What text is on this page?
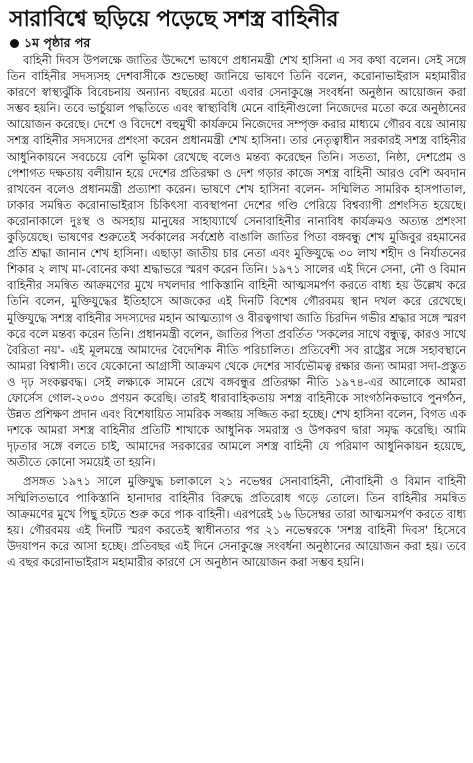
সারাবিশ্বে ছড়িয়ে পড়েছে সশস্ত্র বাহিনীর
১ম পৃষ্ঠার পর

বাহিনী দিবস উপলক্ষে জাতির উদ্দেশে ভাষণে প্রধানমন্ত্রী শেখ হাসিনা এ সব কথা বলেন। সেই সঙ্গে তিন বাহিনীর সদস্যসহ দেশবাসীকে শুভেচ্ছা জানিয়ে ভাষণে তিনি বলেন, করোনাভাইরাস মহামারীর কারণে স্বাস্থ্যঝুঁকি বিবেচনায় অন্যান্য বছরের মতো এবার সেনাকুঞ্জে সংবর্ধনা অনুষ্ঠান আয়োজন করা সম্ভব হয়নি। তবে ভার্চুয়াল পদ্ধতিতে এবং স্বাস্থ্যবিধি মেনে বাহিনীগুলো নিজেদের মতো করে অনুষ্ঠানের আয়োজন করেছে। দেশে ও বিদেশে বহুমুখী কার্যক্রমে নিজেদের সম্পৃক্ত করার মাধ্যমে গৌরব বয়ে আনায় সশস্ত্র বাহিনীর সদস্যদের প্রশংসা করেন প্রধানমন্ত্রী শেখ হাসিনা। তার নেতৃত্বাধীন সরকারই সশস্ত্র বাহিনীর আধুনিকায়নে সবচেয়ে বেশি ভূমিকা রেখেছে বলেও মন্তব্য করেছেন তিনি। সততা, নিষ্ঠা, দেশপ্রেম ও পেশাগত দক্ষতায় বলীয়ান হয়ে দেশের প্রতিরক্ষা ও দেশ গড়ার কাজে সশস্ত্র বাহিনী আরও বেশি অবদান রাখবেন বলেও প্রধানমন্ত্রী প্রত্যাশা করেন। ভাষণে শেখ হাসিনা বলেন- সম্মিলিত সামরিক হাসপাতাল, ঢাকার সমন্বিত করোনাভাইরাস চিকিৎসা ব্যবস্থাপনা দেশের গণ্ডি পেরিয়ে বিশ্বব্যাপী প্রশংসিত হয়েছে। করোনাকালে দুঃস্থ ও অসহায় মানুষের সাহায্যার্থে সেনাবাহিনীর নানাবিধ কার্যক্রমও অত্যন্ত প্রশংসা কুড়িয়েছে। ভাষণের শুরুতেই সর্বকালের সর্বশ্রেষ্ঠ বাঙালি জাতির পিতা বঙ্গবন্ধু শেখ মুজিবুর রহমানের প্রতি শ্রদ্ধা জানান শেখ হাসিনা। এছাড়া জাতীয় চার নেতা এবং মুক্তিযুদ্ধে ৩০ লাখ শহীদ ও নির্যাতনের শিকার ২ লাখ মা-বোনের কথা শ্রদ্ধাভরে স্মরণ করেন তিনি। ১৯৭১ সালের এই দিনে সেনা, নৌ ও বিমান বাহিনীর সমন্বিত আক্রমণের মুখে দখলদার পাকিস্তানি বাহিনী আত্মসমর্পণ করতে বাধ্য হয় উল্লেখ করে তিনি বলেন, মুক্তিযুদ্ধের ইতিহাসে আজকের এই দিনটি বিশেষ গৌরবময় স্থান দখল করে রেখেছে। মুক্তিযুদ্ধে সশস্ত্র বাহিনীর সদস্যদের মহান আত্মত্যাগ ও বীরত্বগাথা জাতি চিরদিন গভীর শ্রদ্ধার সঙ্গে স্মরণ করে বলে মন্তব্য করেন তিনি। প্রধানমন্ত্রী বলেন, জাতির পিতা প্রবর্তিত 'সকলের সাথে বন্ধুত্ব, কারও সাথে বৈরিতা নয়'- এই মূলমন্ত্রে আমাদের বৈদেশিক নীতি পরিচালিত। প্রতিবেশী সব রাষ্ট্রের সঙ্গে সহাবস্থানে আমরা বিশ্বাসী। তবে যেকোনো আগ্রাসী আক্রমণ থেকে দেশের সার্বভৌমত্ব রক্ষার জন্য আমরা সদা-প্রস্তুত ও দৃঢ় সংকল্পবদ্ধ। সেই লক্ষ্যকে সামনে রেখে বঙ্গবন্ধুর প্রতিরক্ষা নীতি ১৯৭৪-এর আলোকে আমরা ফোর্সেস গোল-২০৩০ প্রণয়ন করেছি। তারই ধারাবাহিকতায় সশস্ত্র বাহিনীকে সাংগঠনিকভাবে পুনর্গঠন, উন্নত প্রশিক্ষণ প্রদান এবং বিশেষায়িত সামরিক সজ্জায় সজ্জিত করা হচ্ছে। শেখ হাসিনা বলেন, বিগত এক দশকে আমরা সশস্ত্র বাহিনীর প্রতিটি শাখাকে আধুনিক সমরাস্ত্র ও উপকরণ দ্বারা সমৃদ্ধ করেছি। আমি দৃঢ়তার সঙ্গে বলতে চাই, আমাদের সরকারের আমলে সশস্ত্র বাহিনী যে পরিমাণ আধুনিকায়ন হয়েছে, অতীতে কোনো সময়েই তা হয়নি।

প্রসঙ্গত ১৯৭১ সালে মুক্তিযুদ্ধ চলাকালে ২১ নভেম্বর সেনাবাহিনী, নৌবাহিনী ও বিমান বাহিনী সম্মিলিতভাবে পাকিস্তানি হানাদার বাহিনীর বিরুদ্ধে প্রতিরোধ গড়ে তোলে। তিন বাহিনীর সমন্বিত আক্রমণের মুখে পিছু হটতে শুরু করে পাক বাহিনী। এরপরেই ১৬ ডিসেম্বর তারা আত্মসমর্পণ করতে বাধ্য হয়। গৌরবময় এই দিনটি স্মরণ করতেই স্বাধীনতার পর ২১ নভেম্বরকে 'সশস্ত্র বাহিনী দিবস' হিসেবে উদযাপন করে আসা হচ্ছে। প্রতিবছর এই দিনে সেনাকুঞ্জে সংবর্ধনা অনুষ্ঠানের আয়োজন করা হয়। তবে এ বছর করোনাভাইরাস মহামারীর কারণে সে অনুষ্ঠান আয়োজন করা সম্ভব হয়নি।
